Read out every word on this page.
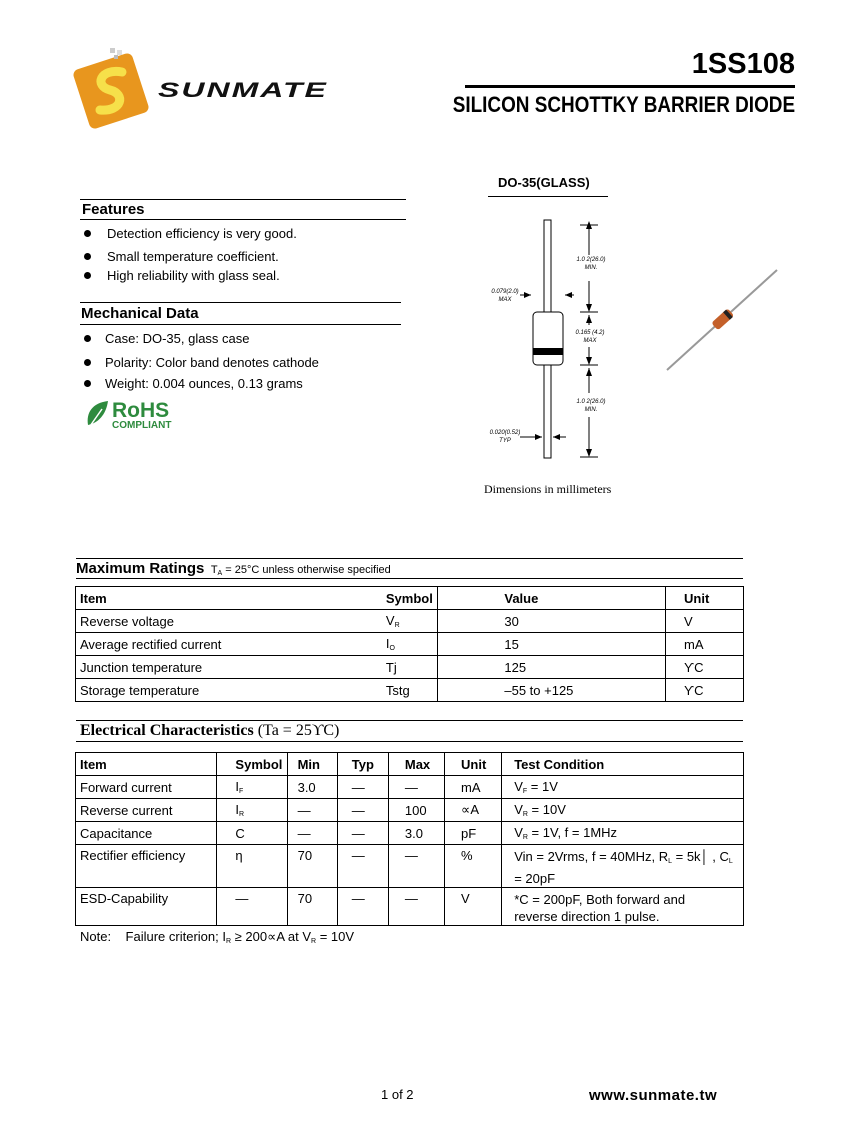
SUNMATE
1SS108
SILICON SCHOTTKY BARRIER DIODE
DO-35(GLASS)
1.0 2(26.0)
MIN.
0.079(2.0)
MAX
0.165 (4.2)
MAX
1.0 2(26.0)
MIN.
0.020(0.52)
TYP
Dimensions in millimeters
Features
Detection efficiency is very good.
Small temperature coefficient.
High reliability with glass seal.
Mechanical Data
Case: DO-35, glass case
Polarity: Color band denotes cathode
Weight: 0.004 ounces, 0.13 grams
RoHS
COMPLIANT
Maximum Ratings $T_A = 25^\circ C$ unless otherwise specified
Item	Symbol	Value	Unit
Reverse voltage	$V_R$	30	V
Average rectified current	$I_O$	15	mA
Junction temperature	Tj	125	ϒC
Storage temperature	Tstg	–55 to +125	ϒC
Electrical Characteristics (Ta = 25ϒC)
Item	Symbol	Min	Typ	Max	Unit	Test Condition
Forward current	$I_F$	3.0	—	—	mA	$V_F = 1V$
Reverse current	$I_R$	—	—	100	∝A	$V_R = 10V$
Capacitance	C	—	—	3.0	pF	$V_R = 1V$, f = 1MHz
Rectifier efficiency	η	70	—	—	%	Vin = 2Vrms, f = 40MHz, $R_L$ = 5k│ , $C_L$
= 20pF
ESD-Capability	—	70	—	—	V	*C = 200pF, Both forward and
reverse direction 1 pulse.
Note: Failure criterion; $I_R \ge 200\propto A$ at $V_R = 10V$
1 of 2	www.sunmate.tw
